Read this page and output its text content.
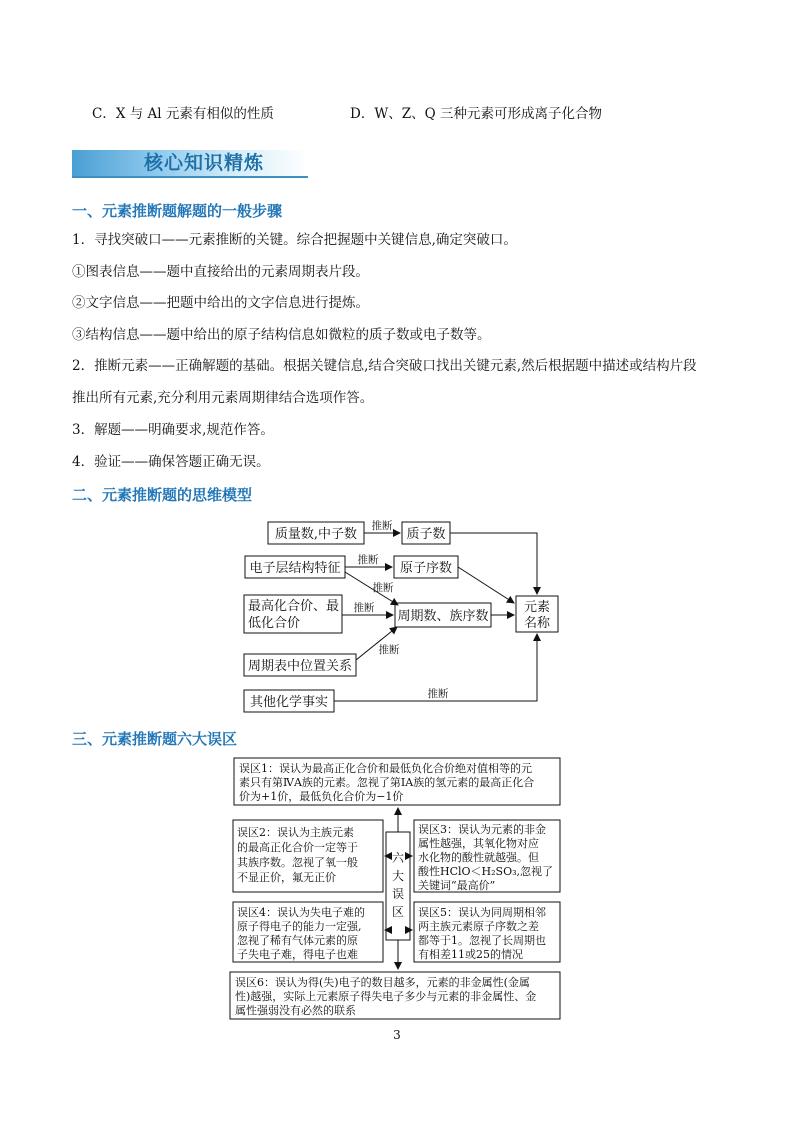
C．X 与 Al 元素有相似的性质	D．W、Z、Q 三种元素可形成离子化合物
核心知识精炼
一、元素推断题解题的一般步骤
1．寻找突破口——元素推断的关键。综合把握题中关键信息,确定突破口。
①图表信息——题中直接给出的元素周期表片段。
②文字信息——把题中给出的文字信息进行提炼。
③结构信息——题中给出的原子结构信息如微粒的质子数或电子数等。
2．推断元素——正确解题的基础。根据关键信息,结合突破口找出关键元素,然后根据题中描述或结构片段
推出所有元素,充分利用元素周期律结合选项作答。
3．解题——明确要求,规范作答。
4．验证——确保答题正确无误。
二、元素推断题的思维模型
质量数,中子数	质子数
电子层结构特征	原子序数
最高化合价、最
低化合价	周期数、族序数
元素
名称
周期表中位置关系
其他化学事实
推断
推断
推断
推断
推断
推断
误区1：误认为最高正化合价和最低负化合价绝对值相等的元
素只有第ⅣA族的元素。忽视了第ⅠA族的氢元素的最高正化合
价为+1价，最低负化合价为−1价
误区2：误认为主族元素
的最高正化合价一定等于
其族序数。忽视了氧一般
不显正价，氟无正价
误区3：误认为元素的非金
属性越强，其氧化物对应
水化物的酸性就越强。但
酸性HClO＜H₂SO₃,忽视了
关键词“最高价”
误区4：误认为失电子难的
原子得电子的能力一定强,
忽视了稀有气体元素的原
子失电子难，得电子也难
误区5：误认为同周期相邻
两主族元素原子序数之差
都等于1。忽视了长周期也
有相差11或25的情况
误区6：误认为得(失)电子的数目越多，元素的非金属性(金属
性)越强，实际上元素原子得失电子多少与元素的非金属性、金
属性强弱没有必然的联系
六
大
误
区
三、元素推断题六大误区
3
